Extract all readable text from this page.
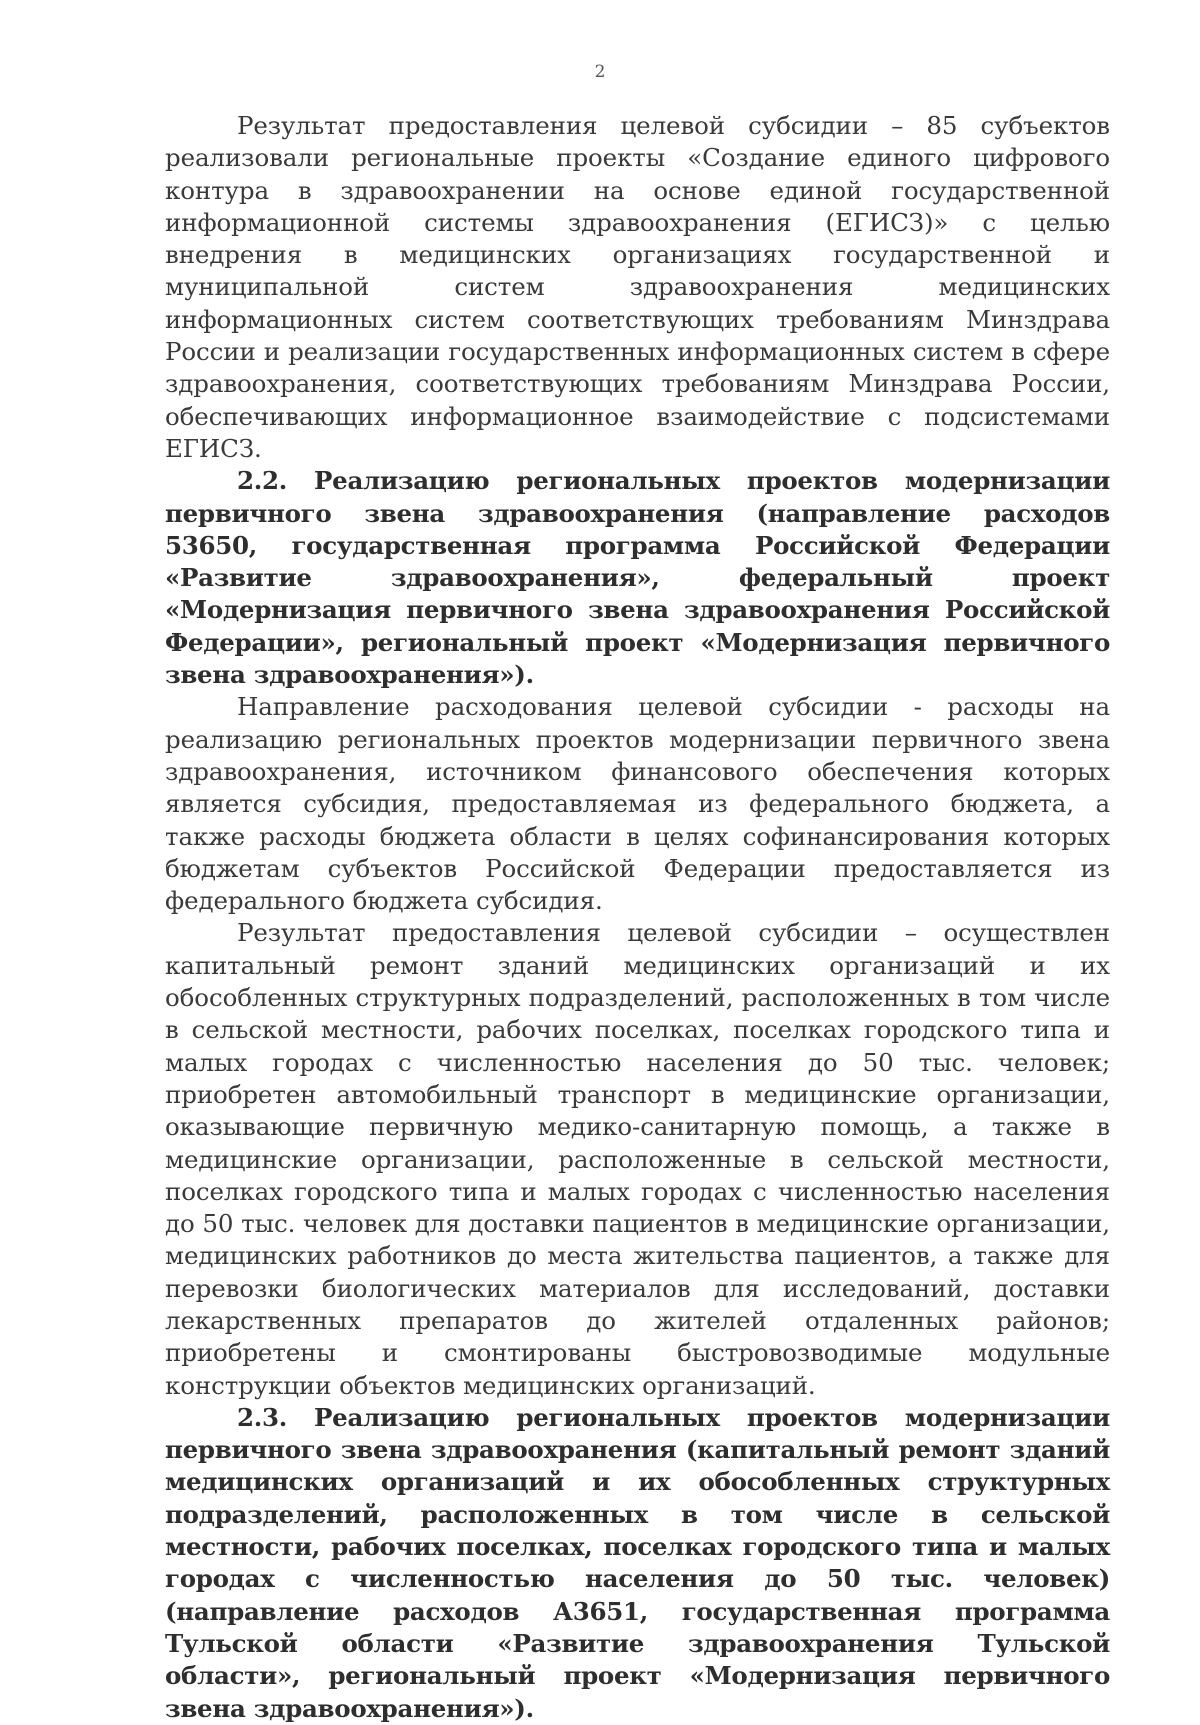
2

Результат предоставления целевой субсидии – 85 субъектов реализовали региональные проекты «Создание единого цифрового контура в здравоохранении на основе единой государственной информационной системы здравоохранения (ЕГИСЗ)» с целью внедрения в медицинских организациях государственной и муниципальной систем здравоохранения медицинских информационных систем соответствующих требованиям Минздрава России и реализации государственных информационных систем в сфере здравоохранения, соответствующих требованиям Минздрава России, обеспечивающих информационное взаимодействие с подсистемами ЕГИСЗ.

2.2. Реализацию региональных проектов модернизации первичного звена здравоохранения (направление расходов 53650, государственная программа Российской Федерации «Развитие здравоохранения», федеральный проект «Модернизация первичного звена здравоохранения Российской Федерации», региональный проект «Модернизация первичного звена здравоохранения»).

Направление расходования целевой субсидии - расходы на реализацию региональных проектов модернизации первичного звена здравоохранения, источником финансового обеспечения которых является субсидия, предоставляемая из федерального бюджета, а также расходы бюджета области в целях софинансирования которых бюджетам субъектов Российской Федерации предоставляется из федерального бюджета субсидия.

Результат предоставления целевой субсидии – осуществлен капитальный ремонт зданий медицинских организаций и их обособленных структурных подразделений, расположенных в том числе в сельской местности, рабочих поселках, поселках городского типа и малых городах с численностью населения до 50 тыс. человек; приобретен автомобильный транспорт в медицинские организации, оказывающие первичную медико-санитарную помощь, а также в медицинские организации, расположенные в сельской местности, поселках городского типа и малых городах с численностью населения до 50 тыс. человек для доставки пациентов в медицинские организации, медицинских работников до места жительства пациентов, а также для перевозки биологических материалов для исследований, доставки лекарственных препаратов до жителей отдаленных районов; приобретены и смонтированы быстровозводимые модульные конструкции объектов медицинских организаций.

2.3. Реализацию региональных проектов модернизации первичного звена здравоохранения (капитальный ремонт зданий медицинских организаций и их обособленных структурных подразделений, расположенных в том числе в сельской местности, рабочих поселках, поселках городского типа и малых городах с численностью населения до 50 тыс. человек) (направление расходов А3651, государственная программа Тульской области «Развитие здравоохранения Тульской области», региональный проект «Модернизация первичного звена здравоохранения»).
